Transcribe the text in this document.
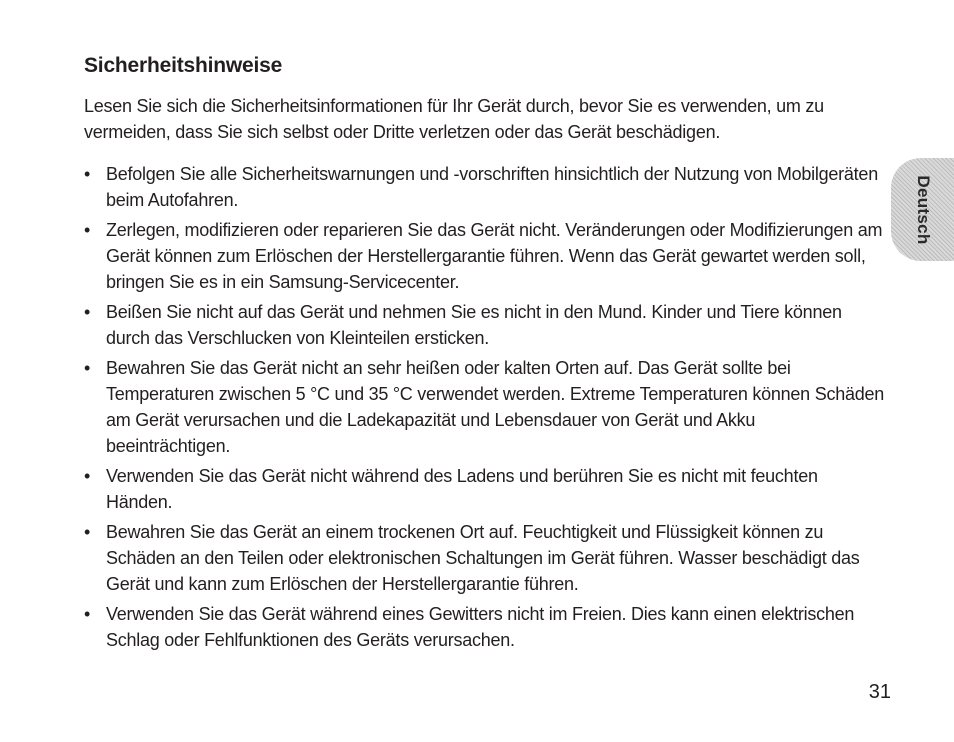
Sicherheitshinweise

Lesen Sie sich die Sicherheitsinformationen für Ihr Gerät durch, bevor Sie es verwenden, um zu vermeiden, dass Sie sich selbst oder Dritte verletzen oder das Gerät beschädigen.

• Befolgen Sie alle Sicherheitswarnungen und -vorschriften hinsichtlich der Nutzung von Mobilgeräten beim Autofahren.
• Zerlegen, modifizieren oder reparieren Sie das Gerät nicht. Veränderungen oder Modifizierungen am Gerät können zum Erlöschen der Herstellergarantie führen. Wenn das Gerät gewartet werden soll, bringen Sie es in ein Samsung-Servicecenter.
• Beißen Sie nicht auf das Gerät und nehmen Sie es nicht in den Mund. Kinder und Tiere können durch das Verschlucken von Kleinteilen ersticken.
• Bewahren Sie das Gerät nicht an sehr heißen oder kalten Orten auf. Das Gerät sollte bei Temperaturen zwischen 5 °C und 35 °C verwendet werden. Extreme Temperaturen können Schäden am Gerät verursachen und die Ladekapazität und Lebensdauer von Gerät und Akku beeinträchtigen.
• Verwenden Sie das Gerät nicht während des Ladens und berühren Sie es nicht mit feuchten Händen.
• Bewahren Sie das Gerät an einem trockenen Ort auf. Feuchtigkeit und Flüssigkeit können zu Schäden an den Teilen oder elektronischen Schaltungen im Gerät führen. Wasser beschädigt das Gerät und kann zum Erlöschen der Herstellergarantie führen.
• Verwenden Sie das Gerät während eines Gewitters nicht im Freien. Dies kann einen elektrischen Schlag oder Fehlfunktionen des Geräts verursachen.
Deutsch
31
